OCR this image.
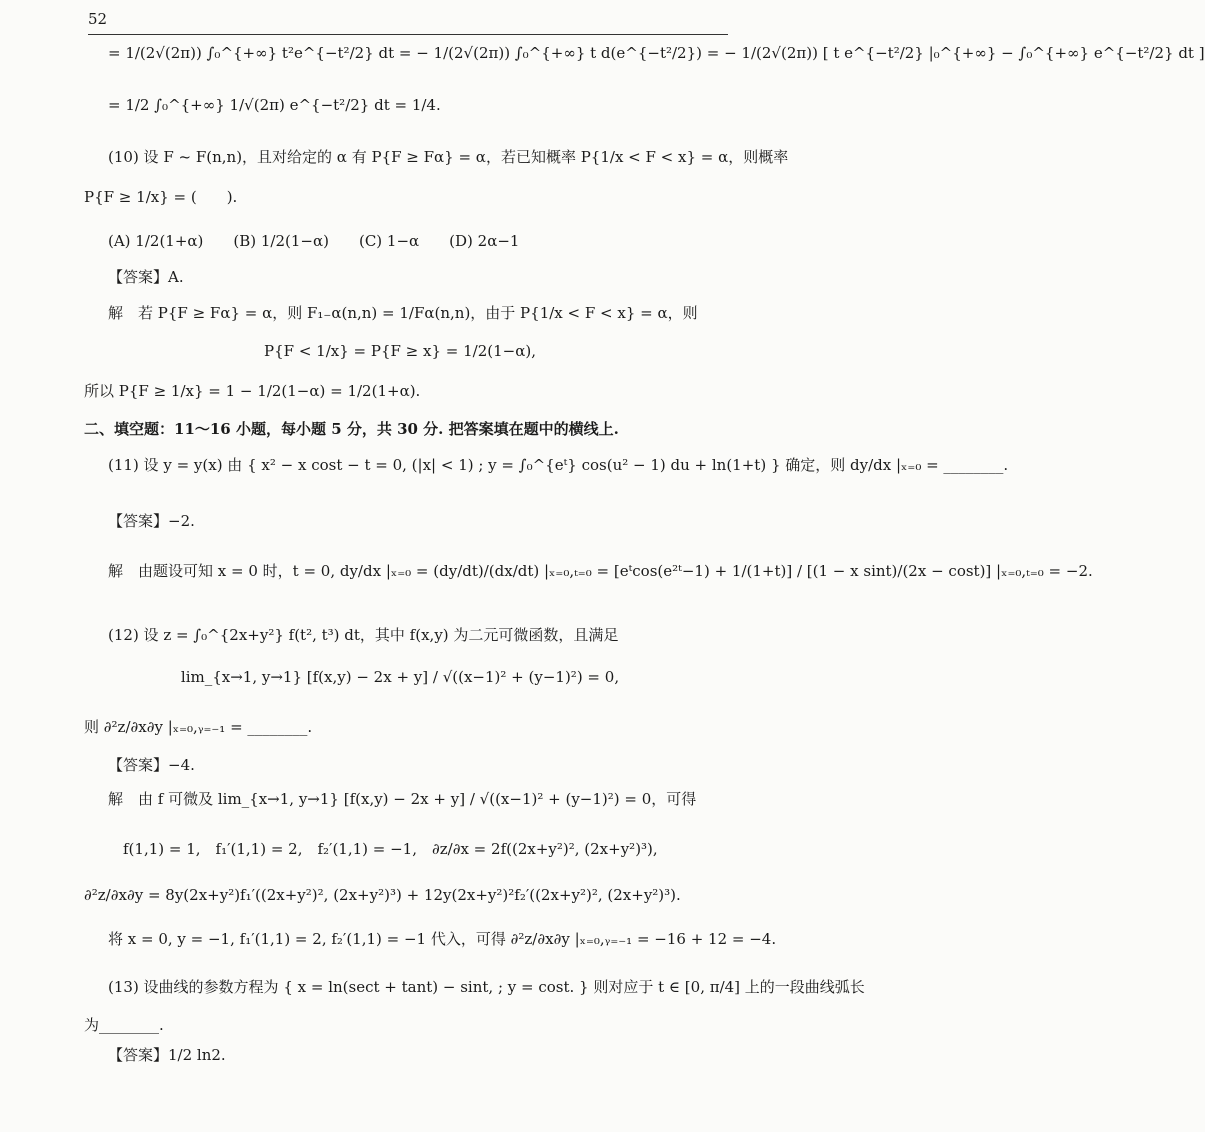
52
= 1/(2√(2π)) ∫₀^{+∞} t²e^{−t²/2} dt = − 1/(2√(2π)) ∫₀^{+∞} t d(e^{−t²/2}) = − 1/(2√(2π)) [ t e^{−t²/2} |₀^{+∞} − ∫₀^{+∞} e^{−t²/2} dt ]
= 1/2 ∫₀^{+∞} 1/√(2π) e^{−t²/2} dt = 1/4.
(10) 设 F ~ F(n,n)，且对给定的 α 有 P{F ≥ Fα} = α，若已知概率 P{1/x < F < x} = α，则概率
P{F ≥ 1/x} = (　　).
(A) 1/2(1+α)　　(B) 1/2(1−α)　　(C) 1−α　　(D) 2α−1
【答案】A.
解　若 P{F ≥ Fα} = α，则 F₁₋α(n,n) = 1/Fα(n,n)，由于 P{1/x < F < x} = α，则
P{F < 1/x} = P{F ≥ x} = 1/2(1−α),
所以 P{F ≥ 1/x} = 1 − 1/2(1−α) = 1/2(1+α).
二、填空题：11～16 小题，每小题 5 分，共 30 分. 把答案填在题中的横线上.
(11) 设 y = y(x) 由 { x² − x cost − t = 0, (|x| < 1) ; y = ∫₀^{eᵗ} cos(u² − 1) du + ln(1+t) } 确定，则 dy/dx |ₓ₌₀ = ________.
【答案】−2.
解　由题设可知 x = 0 时，t = 0, dy/dx |ₓ₌₀ = (dy/dt)/(dx/dt) |ₓ₌₀,ₜ₌₀ = [eᵗcos(e²ᵗ−1) + 1/(1+t)] / [(1 − x sint)/(2x − cost)] |ₓ₌₀,ₜ₌₀ = −2.
(12) 设 z = ∫₀^{2x+y²} f(t², t³) dt，其中 f(x,y) 为二元可微函数，且满足
lim_{x→1, y→1} [f(x,y) − 2x + y] / √((x−1)² + (y−1)²) = 0,
则 ∂²z/∂x∂y |ₓ₌₀,ᵧ₌₋₁ = ________.
【答案】−4.
解　由 f 可微及 lim_{x→1, y→1} [f(x,y) − 2x + y] / √((x−1)² + (y−1)²) = 0，可得
　f(1,1) = 1,　f₁′(1,1) = 2,　f₂′(1,1) = −1,　∂z/∂x = 2f((2x+y²)², (2x+y²)³),
∂²z/∂x∂y = 8y(2x+y²)f₁′((2x+y²)², (2x+y²)³) + 12y(2x+y²)²f₂′((2x+y²)², (2x+y²)³).
将 x = 0, y = −1, f₁′(1,1) = 2, f₂′(1,1) = −1 代入，可得 ∂²z/∂x∂y |ₓ₌₀,ᵧ₌₋₁ = −16 + 12 = −4.
(13) 设曲线的参数方程为 { x = ln(sect + tant) − sint, ; y = cost. } 则对应于 t ∈ [0, π/4] 上的一段曲线弧长
为________.
【答案】1/2 ln2.
